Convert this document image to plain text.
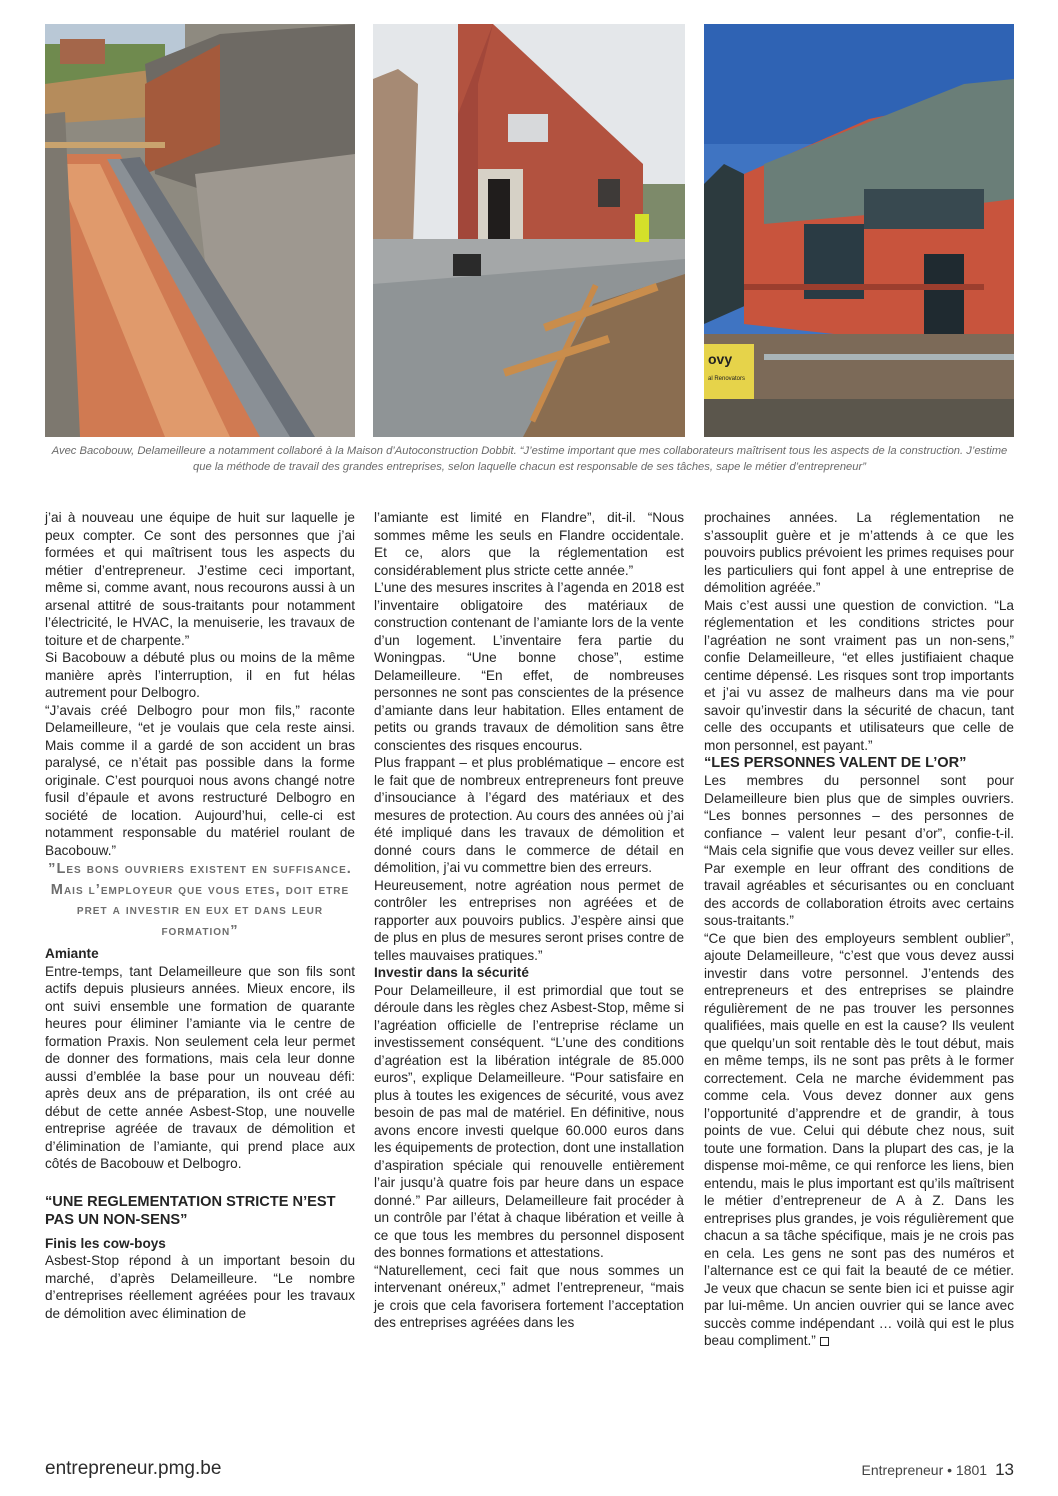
ovy
al Renovators
Avec Bacobouw, Delameilleure a notamment collaboré à la Maison d’Autoconstruction Dobbit. “J’estime important que mes collaborateurs maîtrisent tous les aspects de la construction. J’estime que la méthode de travail des grandes entreprises, selon laquelle chacun est responsable de ses tâches, sape le métier d’entrepreneur”

j’ai à nouveau une équipe de huit sur laquelle je peux compter. Ce sont des personnes que j’ai formées et qui maîtrisent tous les aspects du métier d’entrepreneur. J’estime ceci important, même si, comme avant, nous recourons aussi à un arsenal attitré de sous-traitants pour notamment l’électricité, le HVAC, la menuiserie, les travaux de toiture et de charpente.”

Si Bacobouw a débuté plus ou moins de la même manière après l’interruption, il en fut hélas autrement pour Delbogro.

“J’avais créé Delbogro pour mon fils,” raconte Delameilleure, “et je voulais que cela reste ainsi. Mais comme il a gardé de son accident un bras paralysé, ce n’était pas possible dans la forme originale. C’est pourquoi nous avons changé notre fusil d’épaule et avons restructuré Delbogro en société de location. Aujourd’hui, celle-ci est notamment responsable du matériel roulant de Bacobouw.”

”Les bons ouvriers existent en suffisance. Mais l’employeur que vous etes, doit etre pret a investir en eux et dans leur formation”

Amiante

Entre-temps, tant Delameilleure que son fils sont actifs depuis plusieurs années. Mieux encore, ils ont suivi ensemble une formation de quarante heures pour éliminer l’amiante via le centre de formation Praxis. Non seulement cela leur permet de donner des formations, mais cela leur donne aussi d’emblée la base pour un nouveau défi: après deux ans de préparation, ils ont créé au début de cette année Asbest-Stop, une nouvelle entreprise agréée de travaux de démolition et d’élimination de l’amiante, qui prend place aux côtés de Bacobouw et Delbogro.

“UNE REGLEMENTATION STRICTE N’EST PAS UN NON-SENS”

Finis les cow-boys

Asbest-Stop répond à un important besoin du marché, d’après Delameilleure. “Le nombre d’entreprises réellement agréées pour les travaux de démolition avec élimination de

l’amiante est limité en Flandre”, dit-il. “Nous sommes même les seuls en Flandre occidentale. Et ce, alors que la réglementation est considérablement plus stricte cette année.”

L’une des mesures inscrites à l’agenda en 2018 est l’inventaire obligatoire des matériaux de construction contenant de l’amiante lors de la vente d’un logement. L’inventaire fera partie du Woningpas. “Une bonne chose”, estime Delameilleure. “En effet, de nombreuses personnes ne sont pas conscientes de la présence d’amiante dans leur habitation. Elles entament de petits ou grands travaux de démolition sans être conscientes des risques encourus.

Plus frappant – et plus problématique – encore est le fait que de nombreux entrepreneurs font preuve d’insouciance à l’égard des matériaux et des mesures de protection. Au cours des années où j’ai été impliqué dans les travaux de démolition et donné cours dans le commerce de détail en démolition, j’ai vu commettre bien des erreurs.

Heureusement, notre agréation nous permet de contrôler les entreprises non agréées et de rapporter aux pouvoirs publics. J’espère ainsi que de plus en plus de mesures seront prises contre de telles mauvaises pratiques.”

Investir dans la sécurité

Pour Delameilleure, il est primordial que tout se déroule dans les règles chez Asbest-Stop, même si l’agréation officielle de l’entreprise réclame un investissement conséquent. “L’une des conditions d’agréation est la libération intégrale de 85.000 euros”, explique Delameilleure. “Pour satisfaire en plus à toutes les exigences de sécurité, vous avez besoin de pas mal de matériel. En définitive, nous avons encore investi quelque 60.000 euros dans les équipements de protection, dont une installation d’aspiration spéciale qui renouvelle entièrement l’air jusqu’à quatre fois par heure dans un espace donné.” Par ailleurs, Delameilleure fait procéder à un contrôle par l’état à chaque libération et veille à ce que tous les membres du personnel disposent des bonnes formations et attestations.

“Naturellement, ceci fait que nous sommes un intervenant onéreux,” admet l’entrepreneur, “mais je crois que cela favorisera fortement l’acceptation des entreprises agréées dans les

prochaines années. La réglementation ne s’assouplit guère et je m’attends à ce que les pouvoirs publics prévoient les primes requises pour les particuliers qui font appel à une entreprise de démolition agréée.”

Mais c’est aussi une question de conviction. “La réglementation et les conditions strictes pour l’agréation ne sont vraiment pas un non-sens,” confie Delameilleure, “et elles justifiaient chaque centime dépensé. Les risques sont trop importants et j’ai vu assez de malheurs dans ma vie pour savoir qu’investir dans la sécurité de chacun, tant celle des occupants et utilisateurs que celle de mon personnel, est payant.”

“LES PERSONNES VALENT DE L’OR”

Les membres du personnel sont pour Delameilleure bien plus que de simples ouvriers. “Les bonnes personnes – des personnes de confiance – valent leur pesant d’or”, confie-t-il. “Mais cela signifie que vous devez veiller sur elles. Par exemple en leur offrant des conditions de travail agréables et sécurisantes ou en concluant des accords de collaboration étroits avec certains sous-traitants.”

“Ce que bien des employeurs semblent oublier”, ajoute Delameilleure, “c’est que vous devez aussi investir dans votre personnel. J’entends des entrepreneurs et des entreprises se plaindre régulièrement de ne pas trouver les personnes qualifiées, mais quelle en est la cause? Ils veulent que quelqu’un soit rentable dès le tout début, mais en même temps, ils ne sont pas prêts à le former correctement. Cela ne marche évidemment pas comme cela. Vous devez donner aux gens l’opportunité d’apprendre et de grandir, à tous points de vue. Celui qui débute chez nous, suit toute une formation. Dans la plupart des cas, je la dispense moi-même, ce qui renforce les liens, bien entendu, mais le plus important est qu’ils maîtrisent le métier d’entrepreneur de A à Z. Dans les entreprises plus grandes, je vois régulièrement que chacun a sa tâche spécifique, mais je ne crois pas en cela. Les gens ne sont pas des numéros et l’alternance est ce qui fait la beauté de ce métier. Je veux que chacun se sente bien ici et puisse agir par lui-même. Un ancien ouvrier qui se lance avec succès comme indépendant … voilà qui est le plus beau compliment.”

entrepreneur.pmg.be	Entrepreneur • 1801 13
